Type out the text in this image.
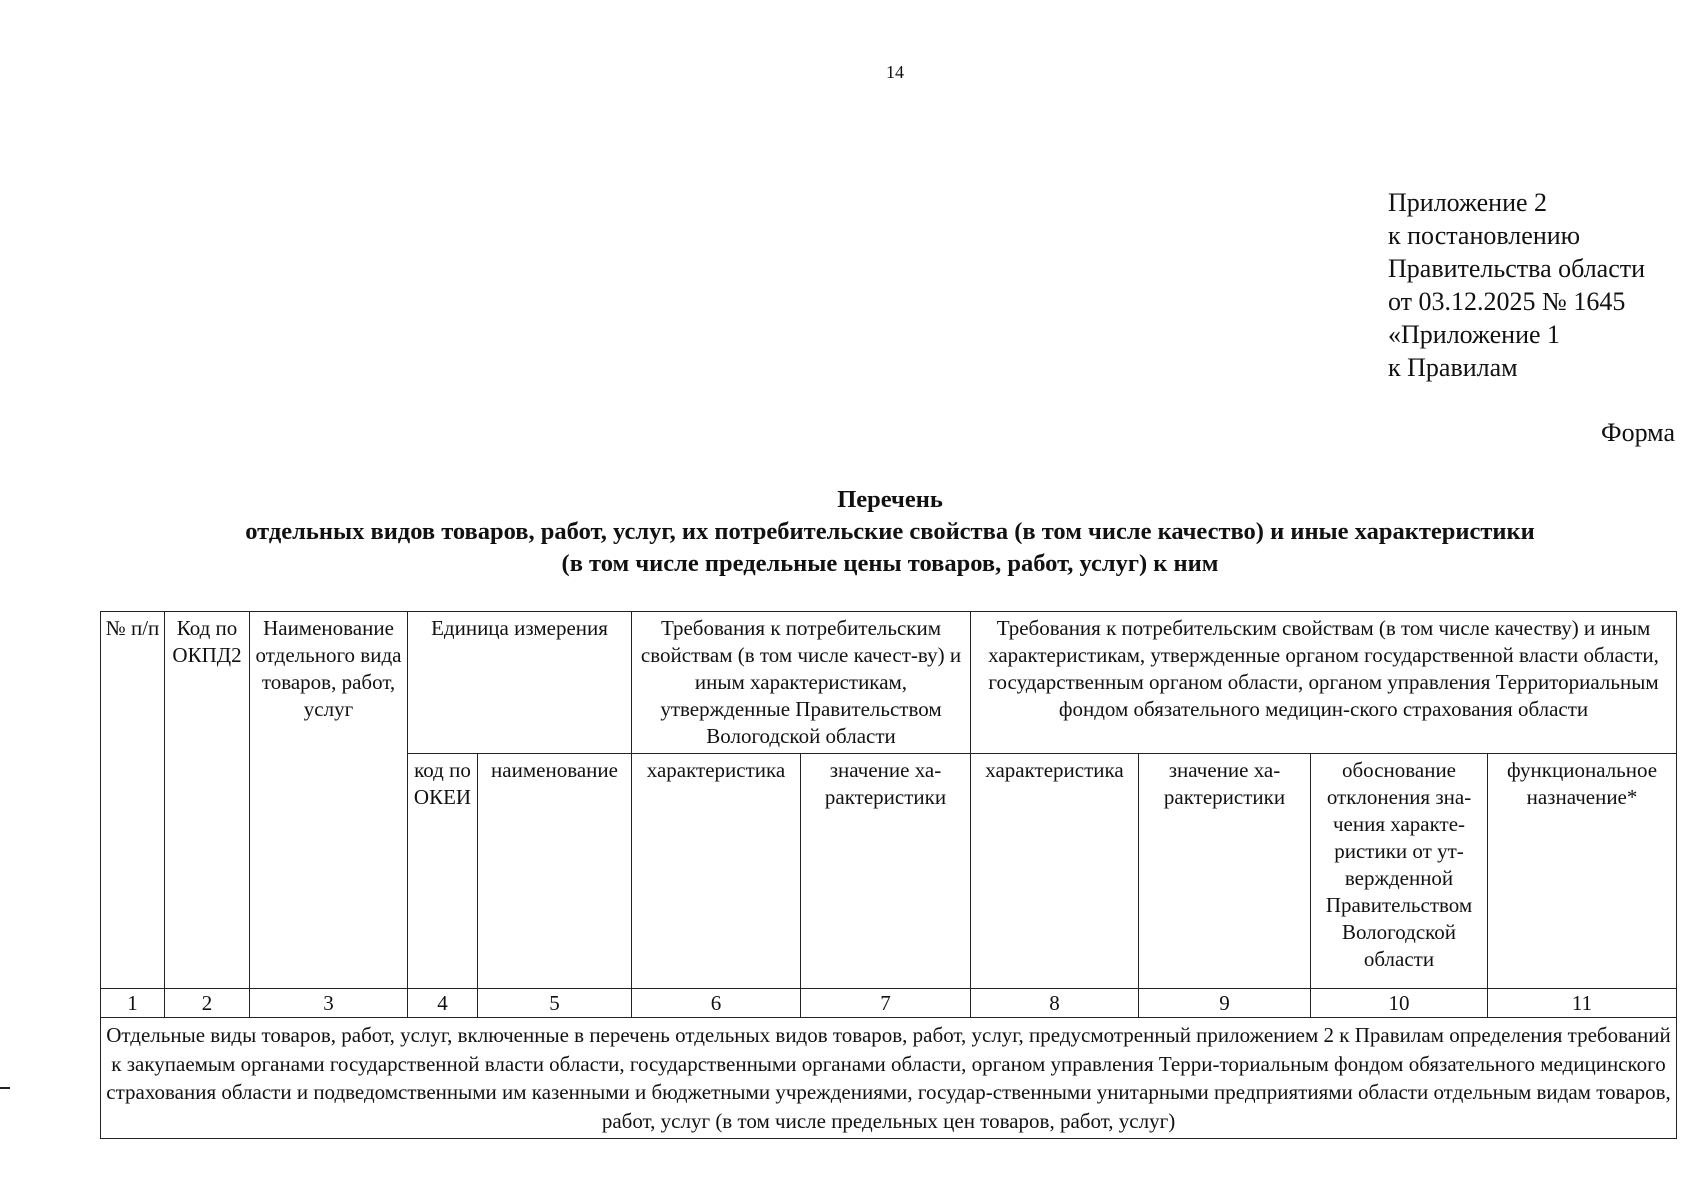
14
Приложение 2
к постановлению
Правительства области
от 03.12.2025 № 1645
«Приложение 1
к Правилам
Форма
Перечень
отдельных видов товаров, работ, услуг, их потребительские свойства (в том числе качество) и иные характеристики
(в том числе предельные цены товаров, работ, услуг) к ним
№ п/п	Код по ОКПД2	Наименование отдельного вида товаров, работ, услуг	Единица измерения		Требования к потребительским свойствам (в том числе качест-ву) и иным характеристикам, утвержденные Правительством Вологодской области		Требования к потребительским свойствам (в том числе качеству) и иным характеристикам, утвержденные органом государственной власти области, государственным органом области, органом управления Территориальным фондом обязательного медицин-ского страхования области			
			код по ОКЕИ	наименование	характеристика	значение ха-рактеристики	характеристика	значение ха-рактеристики	обоснование отклонения зна-чения характе-ристики от ут-вержденной Правительством Вологодской области	функциональное назначение*
1	2	3	4	5	6	7	8	9	10	11
Отдельные виды товаров, работ, услуг, включенные в перечень отдельных видов товаров, работ, услуг, предусмотренный приложением 2 к Правилам определения требований к закупаемым органами государственной власти области, государственными органами области, органом управления Терри-ториальным фондом обязательного медицинского страхования области и подведомственными им казенными и бюджетными учреждениями, государ-ственными унитарными предприятиями области отдельным видам товаров, работ, услуг (в том числе предельных цен товаров, работ, услуг)										
